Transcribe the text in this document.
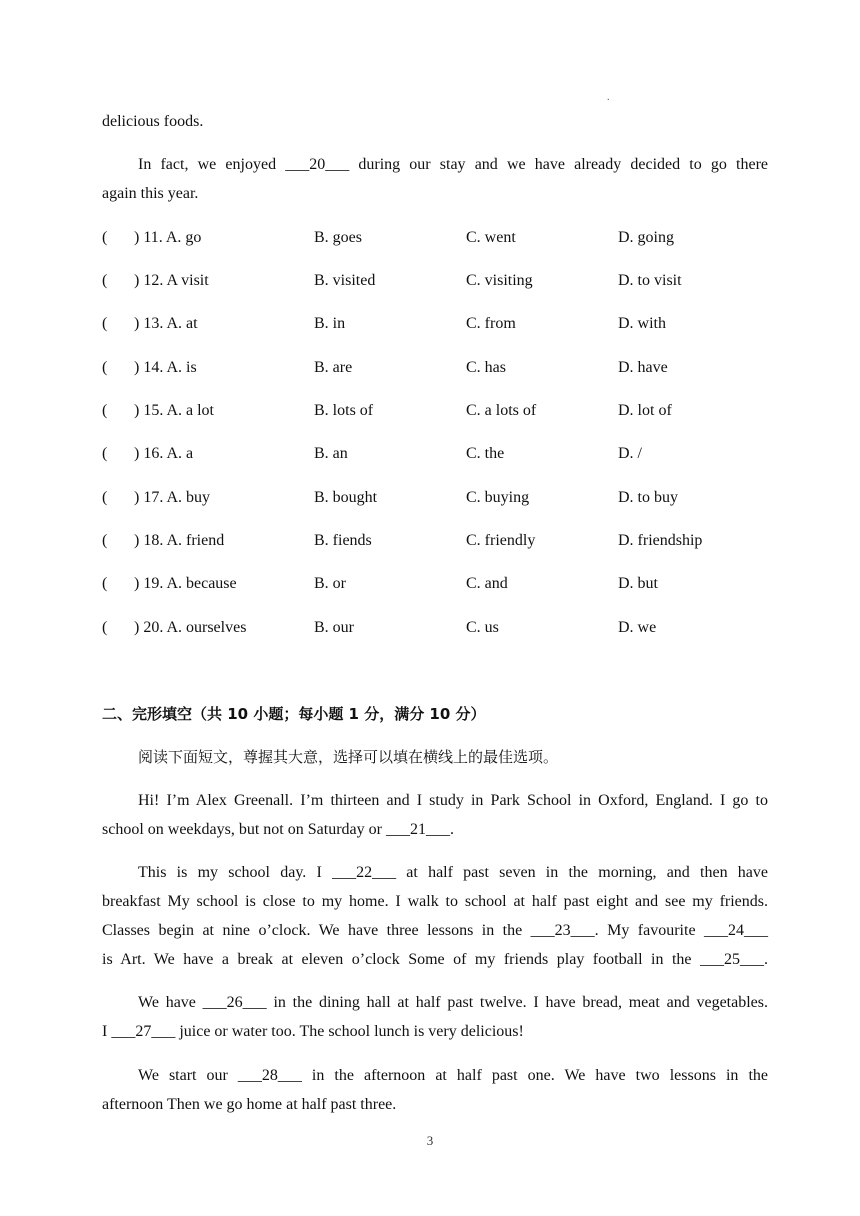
.
delicious foods.
In fact, we enjoyed ___20___ during our stay and we have already decided to go there
again this year.
( ) 11. A. go	B. goes	C. went	D. going
( ) 12. A visit	B. visited	C. visiting	D. to visit
( ) 13. A. at	B. in	C. from	D. with
( ) 14. A. is	B. are	C. has	D. have
( ) 15. A. a lot	B. lots of	C. a lots of	D. lot of
( ) 16. A. a	B. an	C. the	D. /
( ) 17. A. buy	B. bought	C. buying	D. to buy
( ) 18. A. friend	B. fiends	C. friendly	D. friendship
( ) 19. A. because	B. or	C. and	D. but
( ) 20. A. ourselves	B. our	C. us	D. we
二、完形填空（共 10 小题；每小题 1 分，满分 10 分）
阅读下面短文，尊握其大意，选择可以填在横线上的最佳选项。
Hi! I’m Alex Greenall. I’m thirteen and I study in Park School in Oxford, England. I go to
school on weekdays, but not on Saturday or ___21___.
This is my school day. I ___22___ at half past seven in the morning, and then have
breakfast My school is close to my home. I walk to school at half past eight and see my friends.
Classes begin at nine o’clock. We have three lessons in the ___23___. My favourite ___24___
is Art. We have a break at eleven o’clock Some of my friends play football in the ___25___.
We have ___26___ in the dining hall at half past twelve. I have bread, meat and vegetables.
I ___27___ juice or water too. The school lunch is very delicious!
We start our ___28___ in the afternoon at half past one. We have two lessons in the
afternoon Then we go home at half past three.
3
